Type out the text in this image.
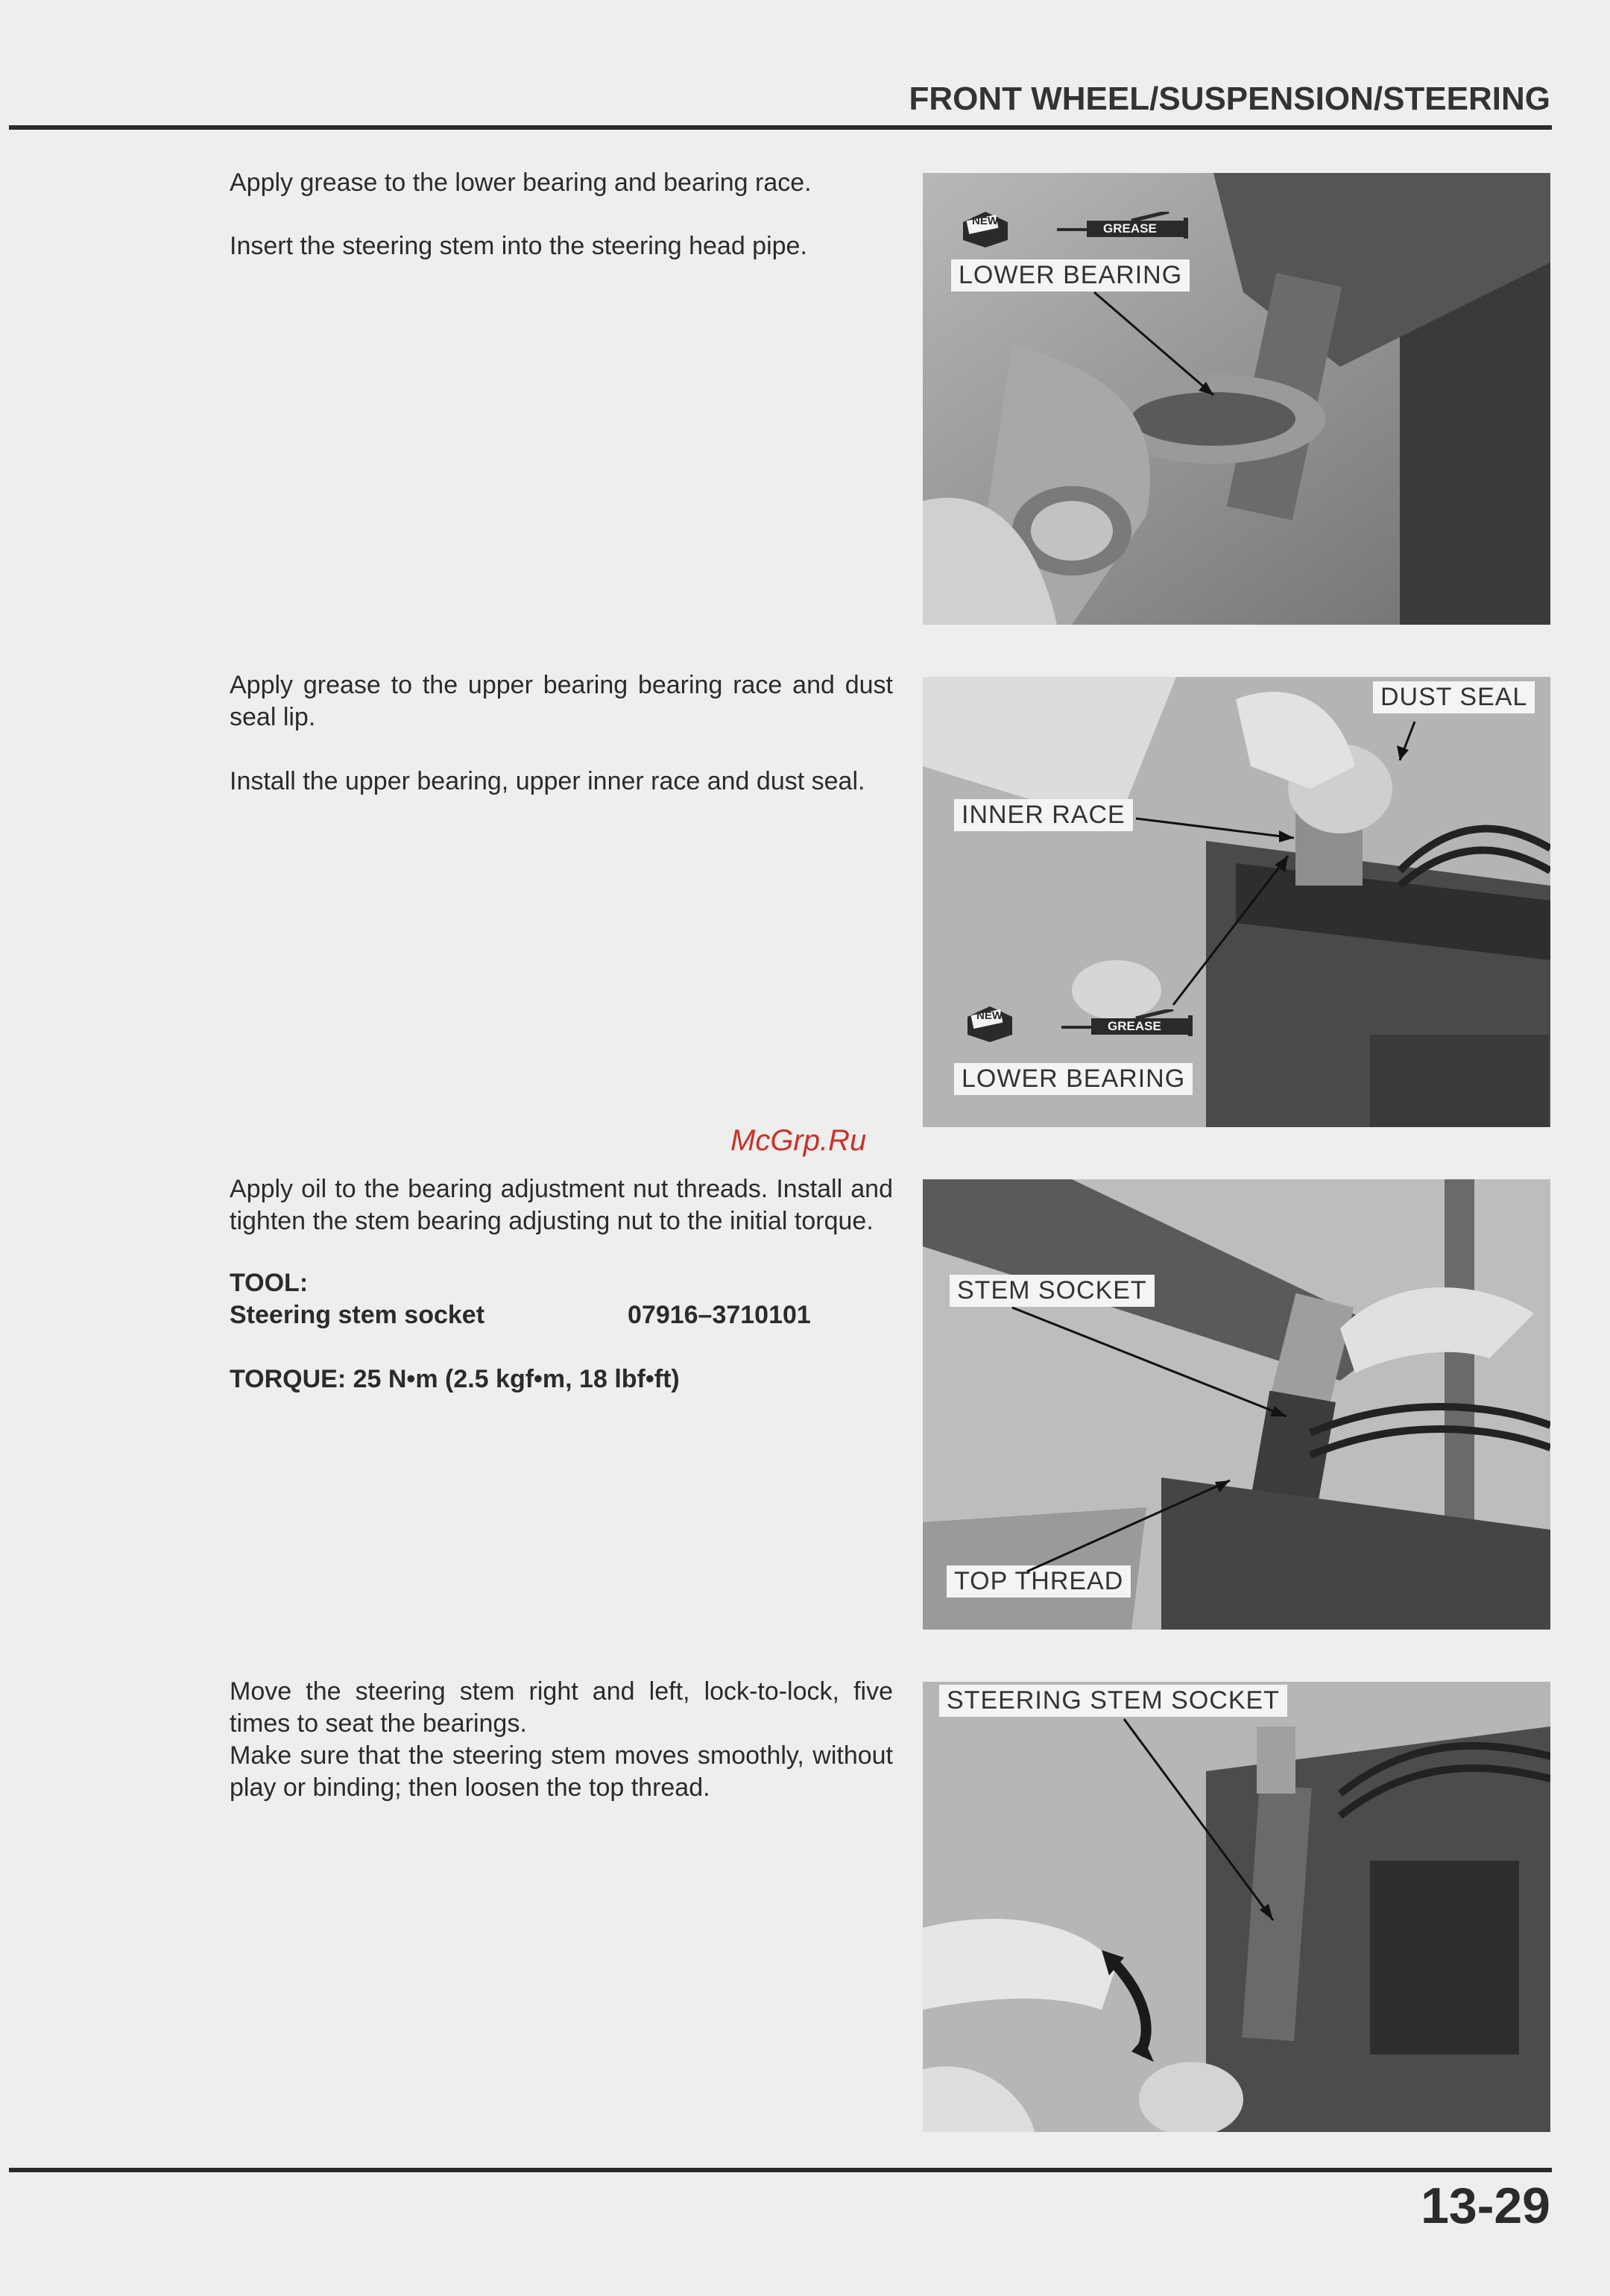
FRONT WHEEL/SUSPENSION/STEERING
Apply grease to the lower bearing and bearing race.
Insert the steering stem into the steering head pipe.
NEW
GREASE
LOWER BEARING
Apply grease to the upper bearing bearing race and dust seal lip.
Install the upper bearing, upper inner race and dust seal.
DUST SEAL
INNER RACE
NEW
GREASE
LOWER BEARING
McGrp.Ru
Apply oil to the bearing adjustment nut threads. Install and tighten the stem bearing adjusting nut to the initial torque.
TOOL:
Steering stem socket	07916–3710101
TORQUE: 25 N•m (2.5 kgf•m, 18 lbf•ft)
STEM SOCKET
TOP THREAD
Move the steering stem right and left, lock-to-lock, five times to seat the bearings.
Make sure that the steering stem moves smoothly, without play or binding; then loosen the top thread.
STEERING STEM SOCKET
13-29
